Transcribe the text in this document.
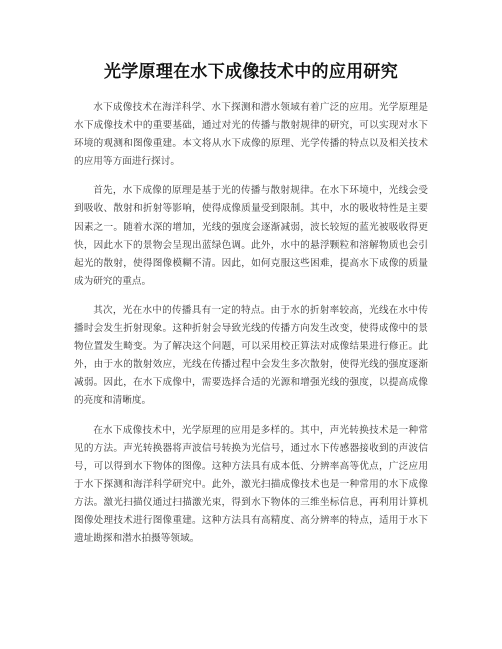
光学原理在水下成像技术中的应用研究

水下成像技术在海洋科学、水下探测和潜水领域有着广泛的应用。光学原理是水下成像技术中的重要基础，通过对光的传播与散射规律的研究，可以实现对水下环境的观测和图像重建。本文将从水下成像的原理、光学传播的特点以及相关技术的应用等方面进行探讨。

首先，水下成像的原理是基于光的传播与散射规律。在水下环境中，光线会受到吸收、散射和折射等影响，使得成像质量受到限制。其中，水的吸收特性是主要因素之一。随着水深的增加，光线的强度会逐渐减弱，波长较短的蓝光被吸收得更快，因此水下的景物会呈现出蓝绿色调。此外，水中的悬浮颗粒和溶解物质也会引起光的散射，使得图像模糊不清。因此，如何克服这些困难，提高水下成像的质量成为研究的重点。

其次，光在水中的传播具有一定的特点。由于水的折射率较高，光线在水中传播时会发生折射现象。这种折射会导致光线的传播方向发生改变，使得成像中的景物位置发生畸变。为了解决这个问题，可以采用校正算法对成像结果进行修正。此外，由于水的散射效应，光线在传播过程中会发生多次散射，使得光线的强度逐渐减弱。因此，在水下成像中，需要选择合适的光源和增强光线的强度，以提高成像的亮度和清晰度。

在水下成像技术中，光学原理的应用是多样的。其中，声光转换技术是一种常见的方法。声光转换器将声波信号转换为光信号，通过水下传感器接收到的声波信号，可以得到水下物体的图像。这种方法具有成本低、分辨率高等优点，广泛应用于水下探测和海洋科学研究中。此外，激光扫描成像技术也是一种常用的水下成像方法。激光扫描仪通过扫描激光束，得到水下物体的三维坐标信息，再利用计算机图像处理技术进行图像重建。这种方法具有高精度、高分辨率的特点，适用于水下遗址勘探和潜水拍摄等领域。
